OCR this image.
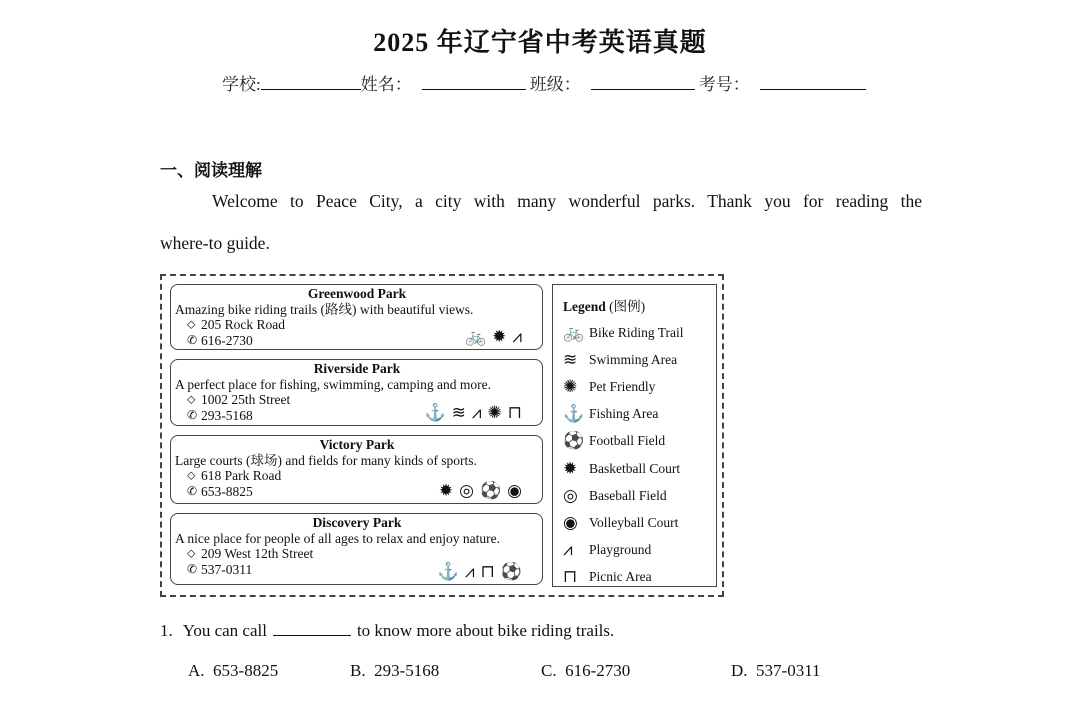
2025 年辽宁省中考英语真题
学校:	姓名：	班级：	考号：
一、阅读理解
Welcome to Peace City, a city with many wonderful parks. Thank you for reading the
where-to guide.
Greenwood Park
Amazing bike riding trails (路线) with beautiful views.
⬦ 205 Rock Road
✆ 616-2730	🚲 ✹ ⩘
Riverside Park
A perfect place for fishing, swimming, camping and more.
⬦ 1002 25th Street
✆ 293-5168	⚓ ≋ ⩘ ✺ ⊓
Victory Park
Large courts (球场) and fields for many kinds of sports.
⬦ 618 Park Road
✆ 653-8825	✹ ◎ ⚽ ◉
Discovery Park
A nice place for people of all ages to relax and enjoy nature.
⬦ 209 West 12th Street
✆ 537-0311	⚓ ⩘ ⊓ ⚽
Legend (图例)
🚲 Bike Riding Trail
≋ Swimming Area
✺ Pet Friendly
⚓ Fishing Area
⚽ Football Field
✹ Basketball Court
◎ Baseball Field
◉ Volleyball Court
⩘	Playground
⊓ Picnic Area
1. You can call	to know more about bike riding trails.
A. 653-8825	B. 293-5168	C. 616-2730	D. 537-0311
